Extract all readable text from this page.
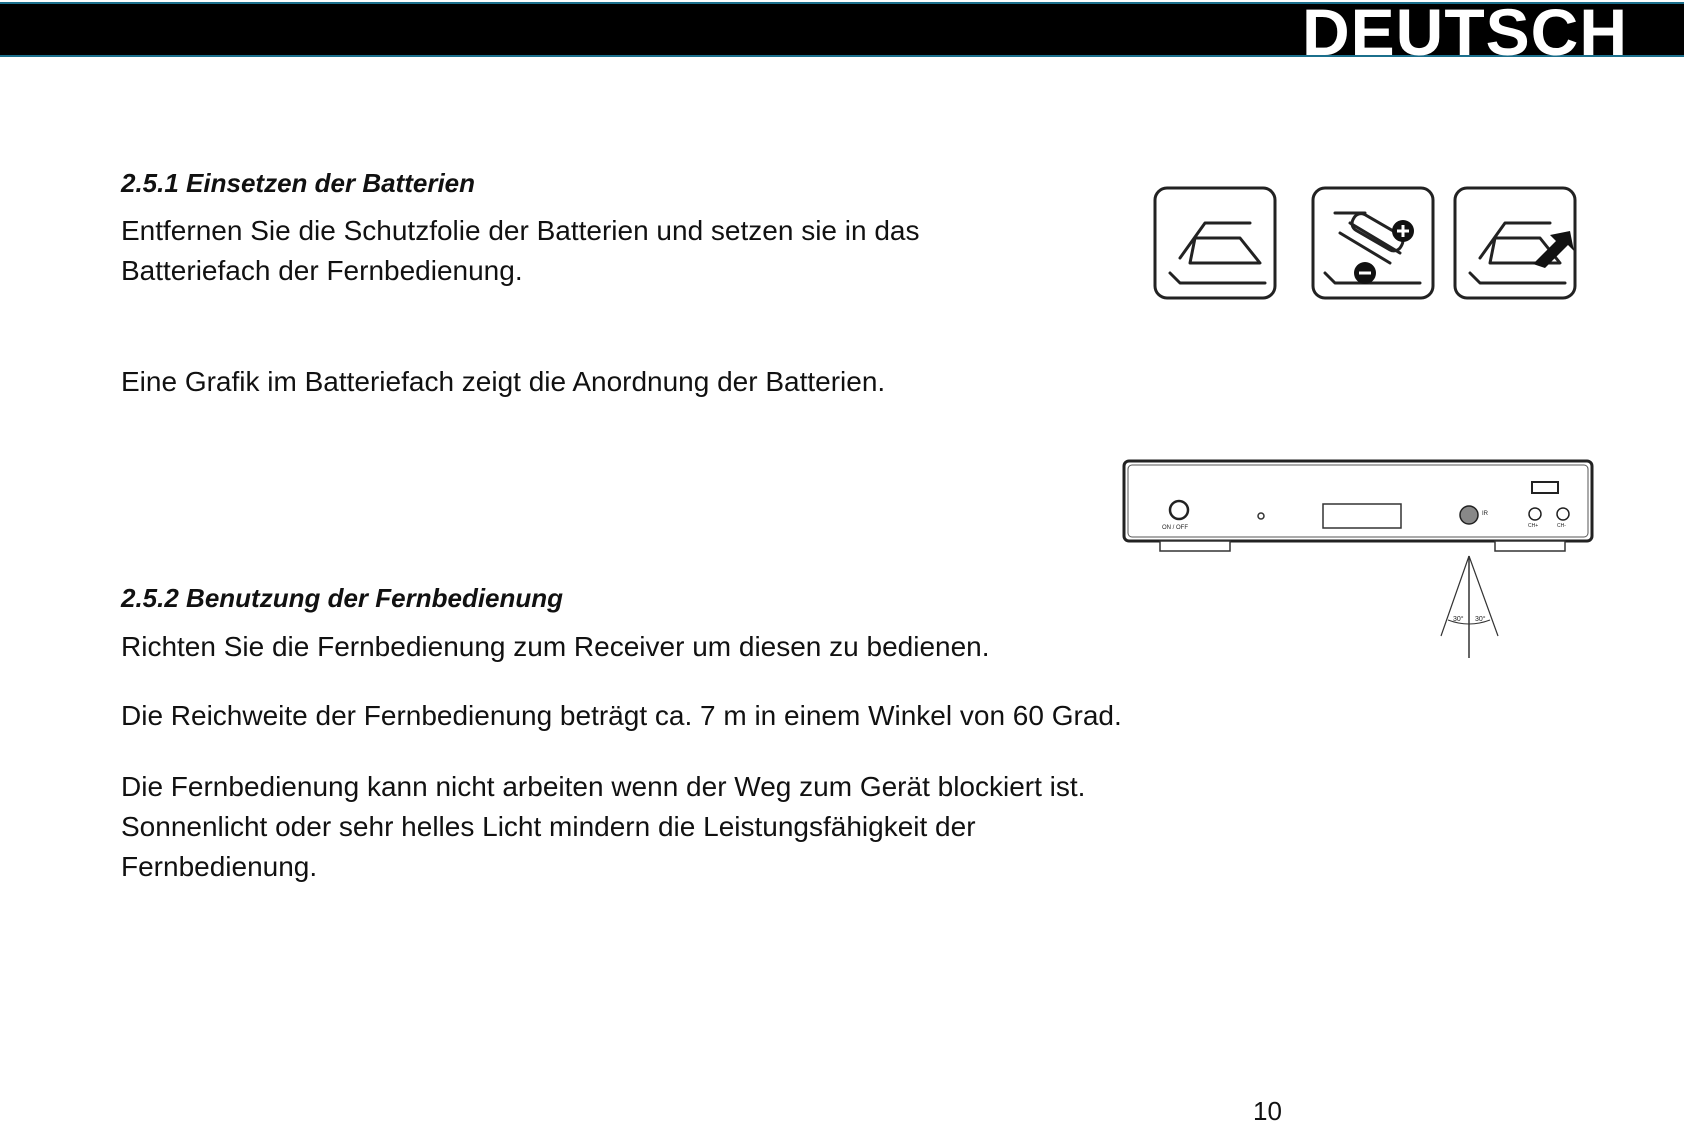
DEUTSCH
2.5.1 Einsetzen der Batterien

Entfernen Sie die Schutzfolie der Batterien und setzen sie in das
Batteriefach der Fernbedienung.

Eine Grafik im Batteriefach zeigt die Anordnung der Batterien.

ON / OFF
IR
CH+	CH-
30° 30°
2.5.2 Benutzung der Fernbedienung

Richten Sie die Fernbedienung zum Receiver um diesen zu bedienen.

Die Reichweite der Fernbedienung beträgt ca. 7 m in einem Winkel von 60 Grad.

Die Fernbedienung kann nicht arbeiten wenn der Weg zum Gerät blockiert ist.
Sonnenlicht oder sehr helles Licht mindern die Leistungsfähigkeit der
Fernbedienung.

10
